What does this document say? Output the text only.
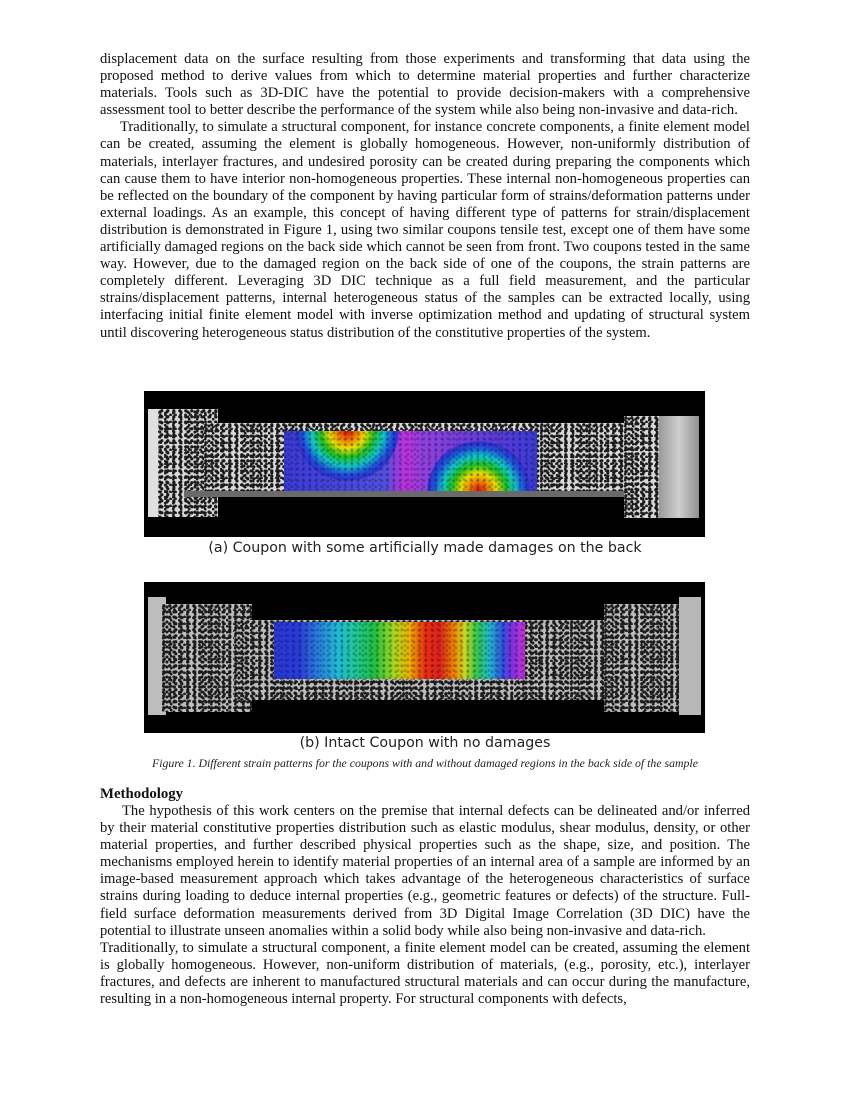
displacement data on the surface resulting from those experiments and transforming that data using the proposed method to derive values from which to determine material properties and further characterize materials. Tools such as 3D-DIC have the potential to provide decision-makers with a comprehensive assessment tool to better describe the performance of the system while also being non-invasive and data-rich.

Traditionally, to simulate a structural component, for instance concrete components, a finite element model can be created, assuming the element is globally homogeneous. However, non-uniformly distribution of materials, interlayer fractures, and undesired porosity can be created during preparing the components which can cause them to have interior non-homogeneous properties. These internal non-homogeneous properties can be reflected on the boundary of the component by having particular form of strains/deformation patterns under external loadings. As an example, this concept of having different type of patterns for strain/displacement distribution is demonstrated in Figure 1, using two similar coupons tensile test, except one of them have some artificially damaged regions on the back side which cannot be seen from front. Two coupons tested in the same way. However, due to the damaged region on the back side of one of the coupons, the strain patterns are completely different. Leveraging 3D DIC technique as a full field measurement, and the particular strains/displacement patterns, internal heterogeneous status of the samples can be extracted locally, using interfacing initial finite element model with inverse optimization method and updating of structural system until discovering heterogeneous status distribution of the constitutive properties of the system.

(a) Coupon with some artificially made damages on the back
(b) Intact Coupon with no damages
Figure 1. Different strain patterns for the coupons with and without damaged regions in the back side of the sample
Methodology

The hypothesis of this work centers on the premise that internal defects can be delineated and/or inferred by their material constitutive properties distribution such as elastic modulus, shear modulus, density, or other material properties, and further described physical properties such as the shape, size, and position. The mechanisms employed herein to identify material properties of an internal area of a sample are informed by an image-based measurement approach which takes advantage of the heterogeneous characteristics of surface strains during loading to deduce internal properties (e.g., geometric features or defects) of the structure. Full-field surface deformation measurements derived from 3D Digital Image Correlation (3D DIC) have the potential to illustrate unseen anomalies within a solid body while also being non-invasive and data-rich.

Traditionally, to simulate a structural component, a finite element model can be created, assuming the element is globally homogeneous. However, non-uniform distribution of materials, (e.g., porosity, etc.), interlayer fractures, and defects are inherent to manufactured structural materials and can occur during the manufacture, resulting in a non-homogeneous internal property. For structural components with defects,
